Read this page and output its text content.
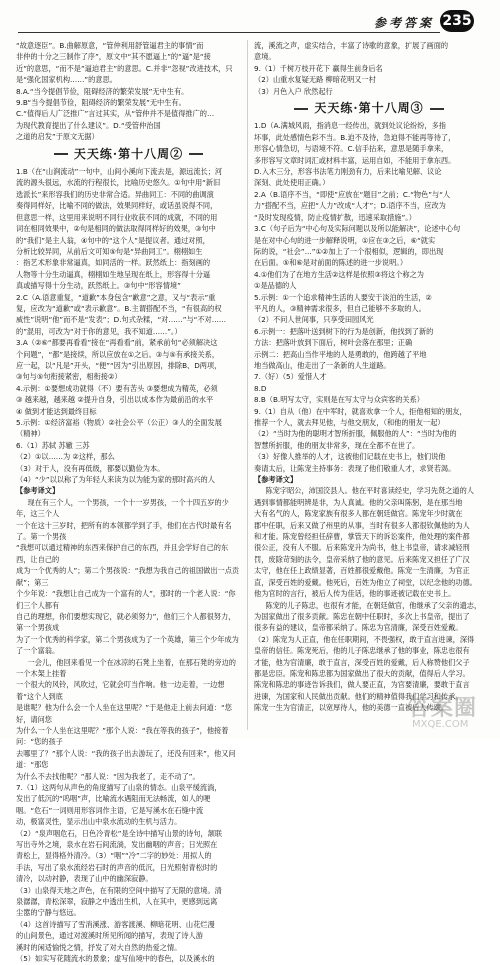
参考答案 235

“故意逐臣”。B.曲解原意，“管仲利用舒管逼君主的事情”而

非仲的十分之三制作了序”，原文中“其不愿逼上”的“逼”是“接

近”的意思，“而不是”逼迫君主”的意思。C.并非“忽视”改进技术，只

是“强化国家机构……”的意思。

8.A.“当今提倡节俭，阻碍经济的繁荣发展”无中生有。

9.B“当今提倡节俭，阻碍经济的繁荣发展”无中生有。

C.“值得后人广泛推广”言过其实，从“管仲并不是值得推广的…

为现代教育提出了什么建议”。D.“受管仲治国

之道的启发”于原文无据）

天天练·第十八周②

1.B（在“山涧流动”一句中，山间小溪向下流去是，源远流长；河

流的源头很远，水流的行程很长，比喻历史悠久。①句中用“新旧

选派长”来形容我们的历史非常合适。异曲同工：不同的曲调演

奏得同样好，比喻不同的做法，效果同样好，或话虽说得不同，

但意思一样，这里用来说明不同行业收获不同的成就，不同的用

词在相同效果中，②句是相同的做法取得同样好的效果，③句中

的“我们”是主人翁，④句中的“这个人”是提议者。通过对照，

分析比较异同，从前后文可知⑤句是“异曲同工”。栩栩如生

：指艺术形象非常逼真，如同活的一样。跃然纸上：指刻画的

人物等十分生动逼真，栩栩如生地呈现在纸上，形容得十分逼

真或描写得十分生动，跃然纸上。③句中“形容情境”

2.C（A.语意重复，“道歉”本身包含“歉意”之意，又与“表示”重

复，应改为“道歉”或“表示歉意”。B.主谓搭配不当，“有很高的权

威性”说明“他”而不是“发表”；D.句式杂糅，“对……”与“不对……

的”混用，可改为“对于你的意见，我不知道……”。）

3.A（②⑥“都要再看看”接在“再看看”前，紧承前句“必须解决这

个问题”，“都”是接续，所以应放在①之后。③与⑤有承接关系，

应一起，以“凡是”开头，“便”“因为”引出原因，排除B、D两项，

③句与⑤句衔接紧密，相衔接②）

4.示例：①要想成功就得（不）要有苦头 ③要想成为精英，必须

③ 越来越，越来越 ②提升自身，引出以成本作为最前沿的水平

④ 做到才能达到最终目标

5.示例：①经济富裕（物质）②社会公平（公正）③人的全面发展

（精神）

6.（1）苏轼 苏辙 三苏

（2）①以……为 ②这样，那么

（3）对于人，没有再低级，都要以勤俭为本。

（4）“少”以以称了为年轻人来读为以为能为家的那时高兴的人

【参考译文】

现在有三个人，一个男孩，一个十一岁男孩，一个十四五岁的少年，这三个人

一个在这十三岁时，把所有的本领都学到了手，他们在古代时最有名了。第一个男孩

“我想可以通过精神的东西来保护自己的东西，并且会学好自己的东西，让自己的

成为一个优秀的人”；第二个男孩说：“我想为我自己的祖国做出一点贡献”；第三

个少年说：“我想让自己成为一个富有的人”，那时的一个老人说：“你们三个人都有

自己的理想，你们要想实现它，就必须努力”，他们三个人都很努力，第一个男孩成

为了一个优秀的科学家，第二个男孩成为了一个英雄，第三个少年成为了一个富翁。

一会儿，他回来看见一个在冰凉的石凳上坐着，在那石凳的旁边的一个木架上挂着

一个很大的风铃，风吹过，它就会叮当作响。他一边走着，一边想着“这个人到底

是谁呢？他为什么会一个人坐在这里呢？”于是他走上前去问道：“您好，请问您

为什么一个人坐在这里呢？”那个人说：“我在等我的孩子”，他接着问：“您的孩子

去哪里了？”那个人说：“我的孩子出去游玩了，还没有回来”，他又问道：“那您

为什么不去找他呢？”那人说：“因为我老了，走不动了”。

7.（1）这两句从声色的角度描写了山泉的情态。山泉平缓流淌，

发出了低沉的“呜咽”声，比喻流水遇阻而无法畅流，如人的哽

咽。“危石”一词则用形容词作主语，它是写溪水在石缝中流

动，极富灵性，显示出山中泉水流动的生机与活力。

（2）“泉声咽危石，日色冷青松”是全诗中描写山景的诗句，颔联

写出寺外之境，泉水在岩石间流淌，发出幽咽的声音；日光照在

青松上，显得格外清冷。（3）“咽”“冷”二字的妙处：用拟人的

手法，写出了泉水流经岩石时的声音的低沉，日光照射青松时的

清冷，以动衬静，表现了山中的幽深寂静。

（3）山泉得天地之声色，在有限的空间中描写了无限的意境。清

泉潺潺，青松深翠，寂静之中透出生机，人在其中，更感到远离

尘嚣的宁静与悠远。

（4）这首诗描写了雪消溪涨、游客渡溪、柳暗花明、山花烂漫

的山间景色，通过对渡溪时所见所闻的描写，表现了诗人游

溪时的闲适愉悦之情，抒发了对大自然的热爱之情。

（5）如实写花随流水的景象；虚写仙境中的春色，以及溪水的

流，溪流之声，虚实结合，丰富了诗歌的意象，扩展了画面的

意境。

9.（1）千树万枝开花下 赢得生前身后名

（2）山重水复疑无路 柳暗花明又一村

（3）月色入户 欣然起行

天天练·第十八周③

1.D（A.满城风雨，指消息一经传出，就到处议论纷纷，多指

坏事，此处感情色彩不当。B.迫不及待，急迫得不能再等待了，

形容心情急切，与语境不符。C.信手拈来，意思是随手拿来，

多形容写文章时词汇或材料丰富，运用自如，不能用于拿东西。

D.入木三分，形容书法笔力刚劲有力，后来比喻见解、议论

深刻、此处使用正确。）

2.A（B.语序不当，“即使”应放在“题目”之前；C.“物色”与“人

力”搭配不当，应把“人力”改成“人才”；D.语序不当，应改为

“及时发现疫情，防止疫情扩散，迅速采取措施”。）

3.C（句子后为“中心句及实际问题以及所以能解决”，论述中心句

是在对中心句的进一步解释说明，①应在③之后，⑥“就实

际的说，“社会”…”①②加上了一个很相似，逻辑的，即出现

在后面。⑤和⑥是对前面的陈述的进一步说明。）

4.①他们为了在地方生活②这样是依照③将这个称之为

①是品德的人

5.示例：①一个追求精神生活的人要安于淡泊的生活，②

平凡的人，③精神需求很多，但自己能够不多取的人。

（2）不问人世间事，只享受田园风光

6.示例一：把落叶送到树下的行为是创新，他找到了新的

方法：把落叶放到下面后，树叶会落在那里；正确

示例二：把高山当作平地的人是勇敢的，他跨越了平地

地当做高山，他走出了一条新的人生道路。

7.（好）（5）爱惜人才

8.D

8.B（B.明写太守，实则是在写太守与众宾客的关系）

9.（1）自从（他）在中军时，就喜欢拿一个人，拒他相知的朋友，

推荐一个人，就去拜见他，与他交朋友，（和他的朋友一起）

（2）“当时为他的聪明才智所折服，佩服他的人”：“当时为他的

智慧所折服，他的朋友非常多，现在全都不在世了。

（3）好像人推举的人才，这被他们记载在史书上，他们说他

奏请太后，让陈宠主持事务：表现了他们敬重人才，求贤若渴。

【参考译文】

陈宠字昭公，沛国洨县人。他在平时喜读经史，学习先贤之道的人

遇到事情都能明辨是非，为人真诚。他的父亲叫陈躬，是在那当地

大有名气的人，陈宠家族有很多人都在朝廷做官。陈宠年少时就在

郡中任职，后来又做了州里的从事，当时有很多人都很钦佩他的为人

和才能。陈宠曾经担任辞曹，掌管天下的诉讼案件，他处理的案件都

很公正，没有人不服。后来陈宠升为尚书，他上书皇帝，请求减轻刑

罚，废除苛刻的法令，皇帝采纳了他的意见。后来陈宠又担任了广汉

太守，他在任上政绩显著，百姓都很爱戴他。陈宠一生清廉，为官正

直，深受百姓的爱戴。他死后，百姓为他立了祠堂，以纪念他的功德。

他为官时的言行，被后人传为佳话，他的事迹被记载在史书上。

陈宠的儿子陈忠，也很有才能，在朝廷做官，他继承了父亲的遗志，

为国家做出了很多贡献。陈忠在朝中任职时，多次上书皇帝，提出了

很多有益的建议，皇帝都采纳了。陈忠为官清廉，深受百姓爱戴。

（2）陈宠为人正直，他在任职期间，不畏强权，敢于直言进谏，深得

皇帝的信任。陈宠死后，他的儿子陈忠继承了他的事业，陈忠也很有

才能，他为官清廉，敢于直言，深受百姓的爱戴，后人称赞他们父子

都是忠臣。陈宠和陈忠都为国家做出了很大的贡献，值得后人学习。

陈宠和陈忠的事迹告诉我们，做人要正直，为官要清廉，要敢于直言

进谏，为国家和人民做出贡献。他们的精神值得我们学习和传承。

陈宠一生为官清正，以宽厚待人，他的美德一直被后人传颂。

答案圈
MXQE.COM
